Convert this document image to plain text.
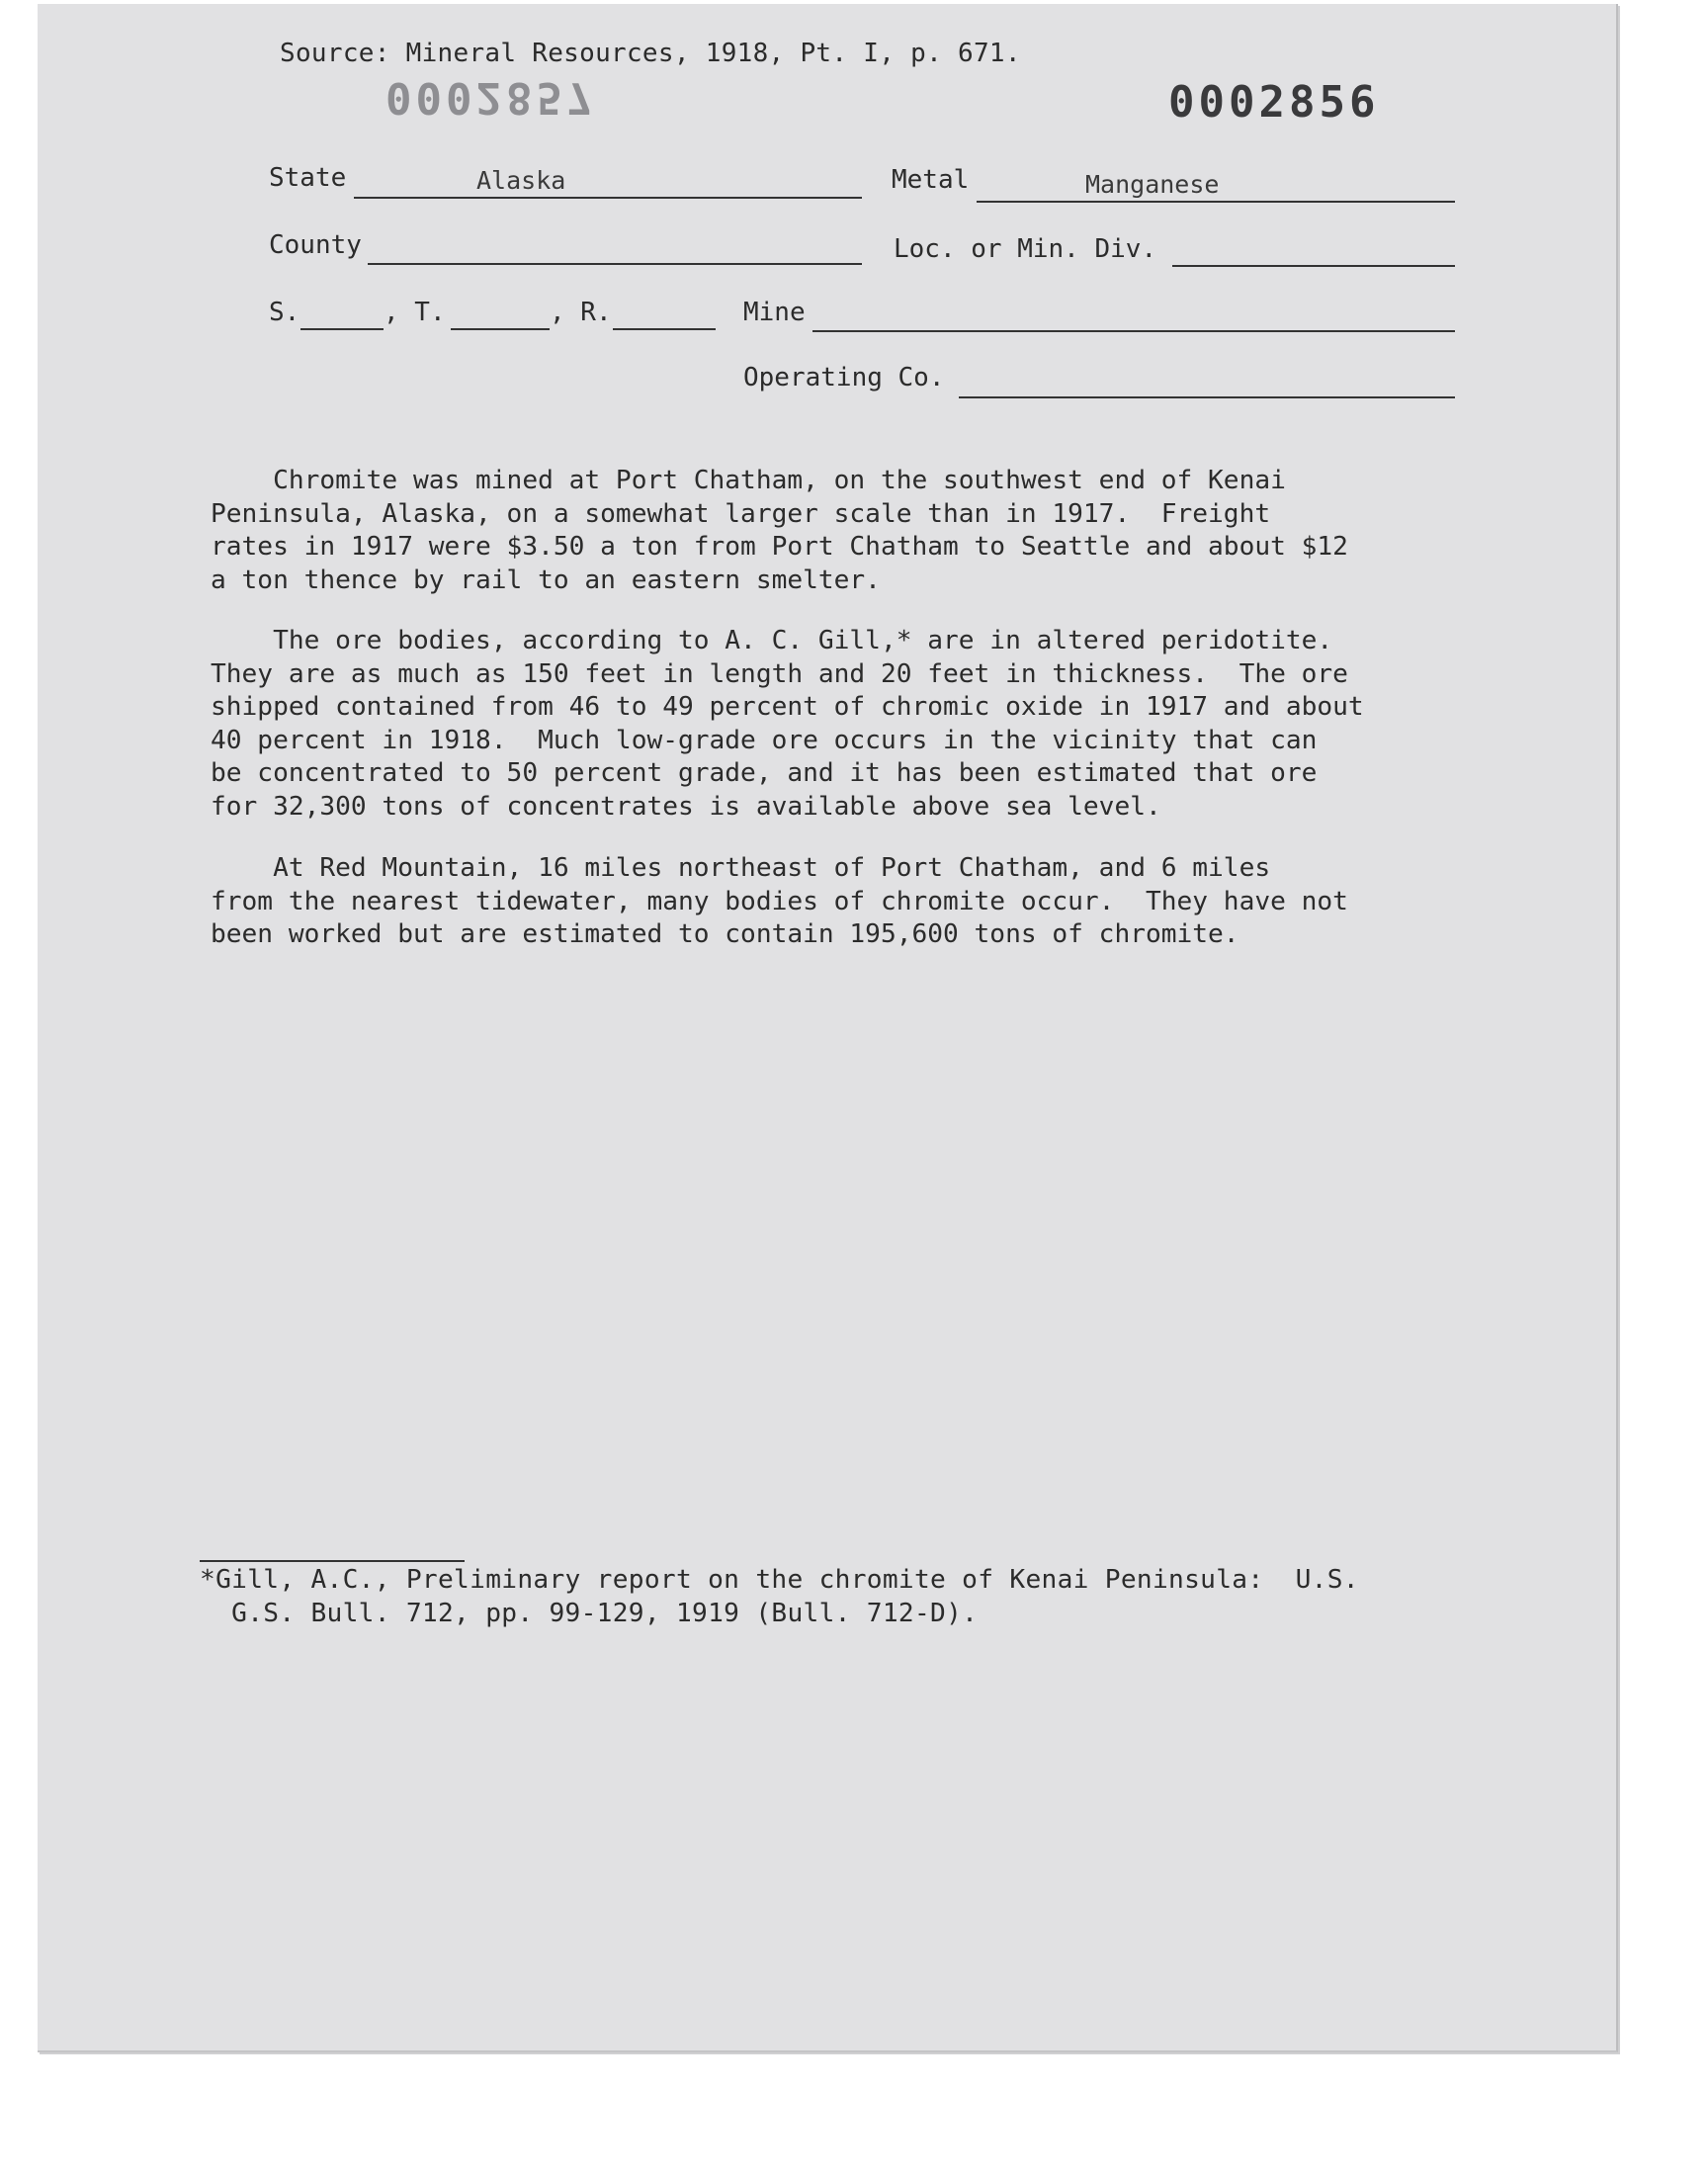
Source: Mineral Resources, 1918, Pt. I, p. 671.
0002857	0002856
State	Alaska	Metal	Manganese
County	Loc. or Min. Div.
S.	, T.	, R.	Mine
Operating Co.
Chromite was mined at Port Chatham, on the southwest end of Kenai
Peninsula, Alaska, on a somewhat larger scale than in 1917.  Freight
rates in 1917 were $3.50 a ton from Port Chatham to Seattle and about $12
a ton thence by rail to an eastern smelter.
The ore bodies, according to A. C. Gill,* are in altered peridotite.
They are as much as 150 feet in length and 20 feet in thickness.  The ore
shipped contained from 46 to 49 percent of chromic oxide in 1917 and about
40 percent in 1918.  Much low-grade ore occurs in the vicinity that can
be concentrated to 50 percent grade, and it has been estimated that ore
for 32,300 tons of concentrates is available above sea level.
At Red Mountain, 16 miles northeast of Port Chatham, and 6 miles
from the nearest tidewater, many bodies of chromite occur.  They have not
been worked but are estimated to contain 195,600 tons of chromite.
*Gill, A.C., Preliminary report on the chromite of Kenai Peninsula:  U.S.
G.S. Bull. 712, pp. 99-129, 1919 (Bull. 712-D).
